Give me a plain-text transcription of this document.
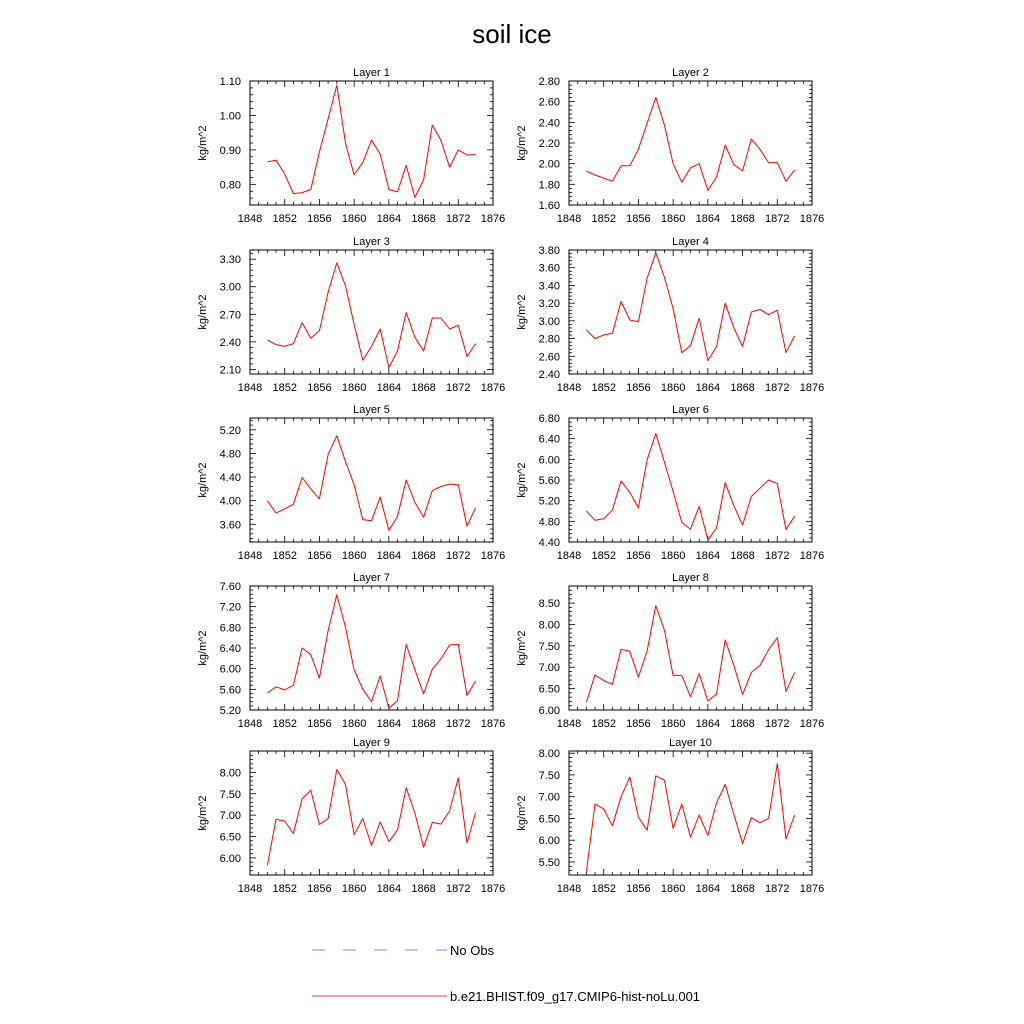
soil ice
Layer 1
kg/m^2
1848 1852 1856 1860 1864 1868 1872 1876
0.80
0.90
1.00
1.10
Layer 2
kg/m^2
1848 1852 1856 1860 1864 1868 1872 1876
1.60
1.80
2.00
2.20
2.40
2.60
2.80
Layer 3
kg/m^2
1848 1852 1856 1860 1864 1868 1872 1876
2.10
2.40
2.70
3.00
3.30
Layer 4
kg/m^2
1848 1852 1856 1860 1864 1868 1872 1876
2.40
2.60
2.80
3.00
3.20
3.40
3.60
3.80
Layer 5
kg/m^2
1848 1852 1856 1860 1864 1868 1872 1876
3.60
4.00
4.40
4.80
5.20
Layer 6
kg/m^2
1848 1852 1856 1860 1864 1868 1872 1876
4.40
4.80
5.20
5.60
6.00
6.40
6.80
Layer 7
kg/m^2
1848 1852 1856 1860 1864 1868 1872 1876
5.20
5.60
6.00
6.40
6.80
7.20
7.60
Layer 8
kg/m^2
1848 1852 1856 1860 1864 1868 1872 1876
6.00
6.50
7.00
7.50
8.00
8.50
Layer 9
kg/m^2
1848 1852 1856 1860 1864 1868 1872 1876
6.00
6.50
7.00
7.50
8.00
Layer 10
kg/m^2
1848 1852 1856 1860 1864 1868 1872 1876
5.50
6.00
6.50
7.00
7.50
8.00
No Obs
b.e21.BHIST.f09_g17.CMIP6-hist-noLu.001
